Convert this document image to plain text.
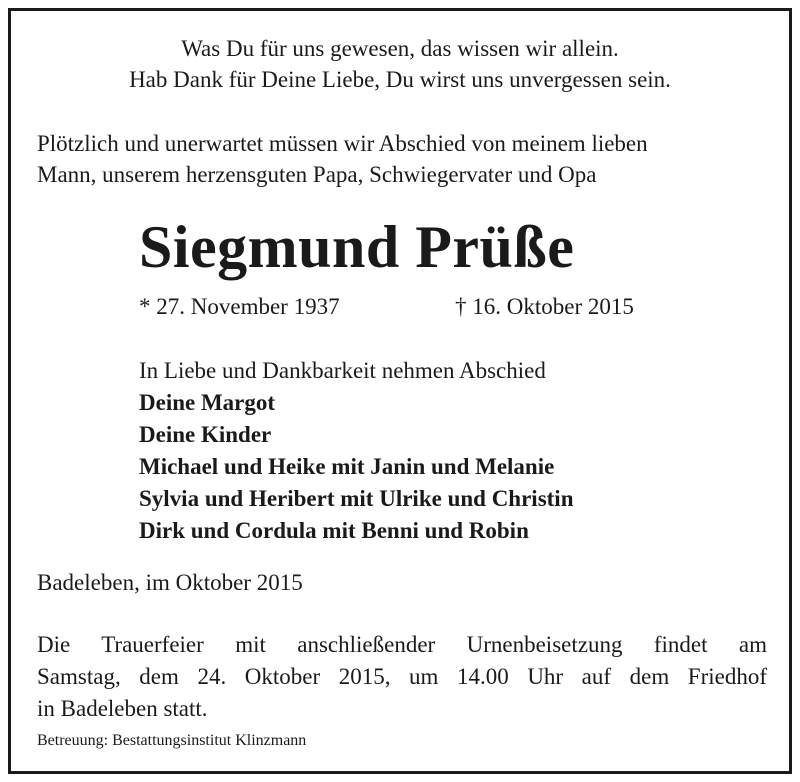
Was Du für uns gewesen, das wissen wir allein.
Hab Dank für Deine Liebe, Du wirst uns unvergessen sein.
Plötzlich und unerwartet müssen wir Abschied von meinem lieben
Mann, unserem herzensguten Papa, Schwiegervater und Opa
Siegmund Prüße
* 27. November 1937	† 16. Oktober 2015
In Liebe und Dankbarkeit nehmen Abschied
Deine Margot
Deine Kinder
Michael und Heike mit Janin und Melanie
Sylvia und Heribert mit Ulrike und Christin
Dirk und Cordula mit Benni und Robin
Badeleben, im Oktober 2015
Die Trauerfeier mit anschließender Urnenbeisetzung findet am
Samstag, dem 24. Oktober 2015, um 14.00 Uhr auf dem Friedhof
in Badeleben statt.
Betreuung: Bestattungsinstitut Klinzmann
